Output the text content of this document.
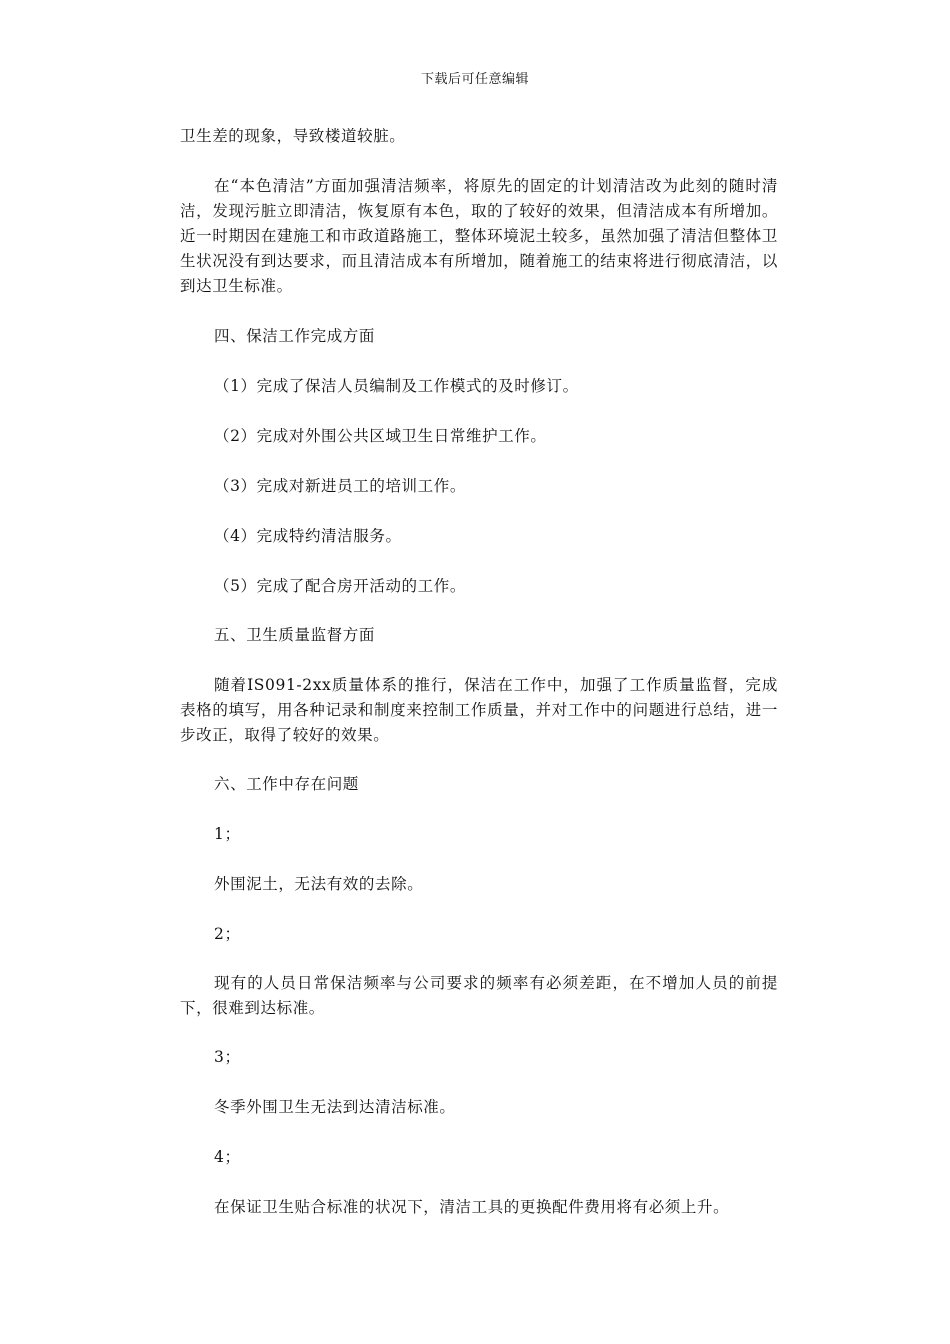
下载后可任意编辑
卫生差的现象，导致楼道较脏。
在“本色清洁”方面加强清洁频率，将原先的固定的计划清洁改为此刻的随时清洁，发现污脏立即清洁，恢复原有本色，取的了较好的效果，但清洁成本有所增加。近一时期因在建施工和市政道路施工，整体环境泥土较多，虽然加强了清洁但整体卫生状况没有到达要求，而且清洁成本有所增加，随着施工的结束将进行彻底清洁，以到达卫生标准。
四、保洁工作完成方面
（1）完成了保洁人员编制及工作模式的及时修订。
（2）完成对外围公共区域卫生日常维护工作。
（3）完成对新进员工的培训工作。
（4）完成特约清洁服务。
（5）完成了配合房开活动的工作。
五、卫生质量监督方面
随着IS091-2xx质量体系的推行，保洁在工作中，加强了工作质量监督，完成表格的填写，用各种记录和制度来控制工作质量，并对工作中的问题进行总结，进一步改正，取得了较好的效果。
六、工作中存在问题
1；
外围泥土，无法有效的去除。
2；
现有的人员日常保洁频率与公司要求的频率有必须差距，在不增加人员的前提下，很难到达标准。
3；
冬季外围卫生无法到达清洁标准。
4；
在保证卫生贴合标准的状况下，清洁工具的更换配件费用将有必须上升。
